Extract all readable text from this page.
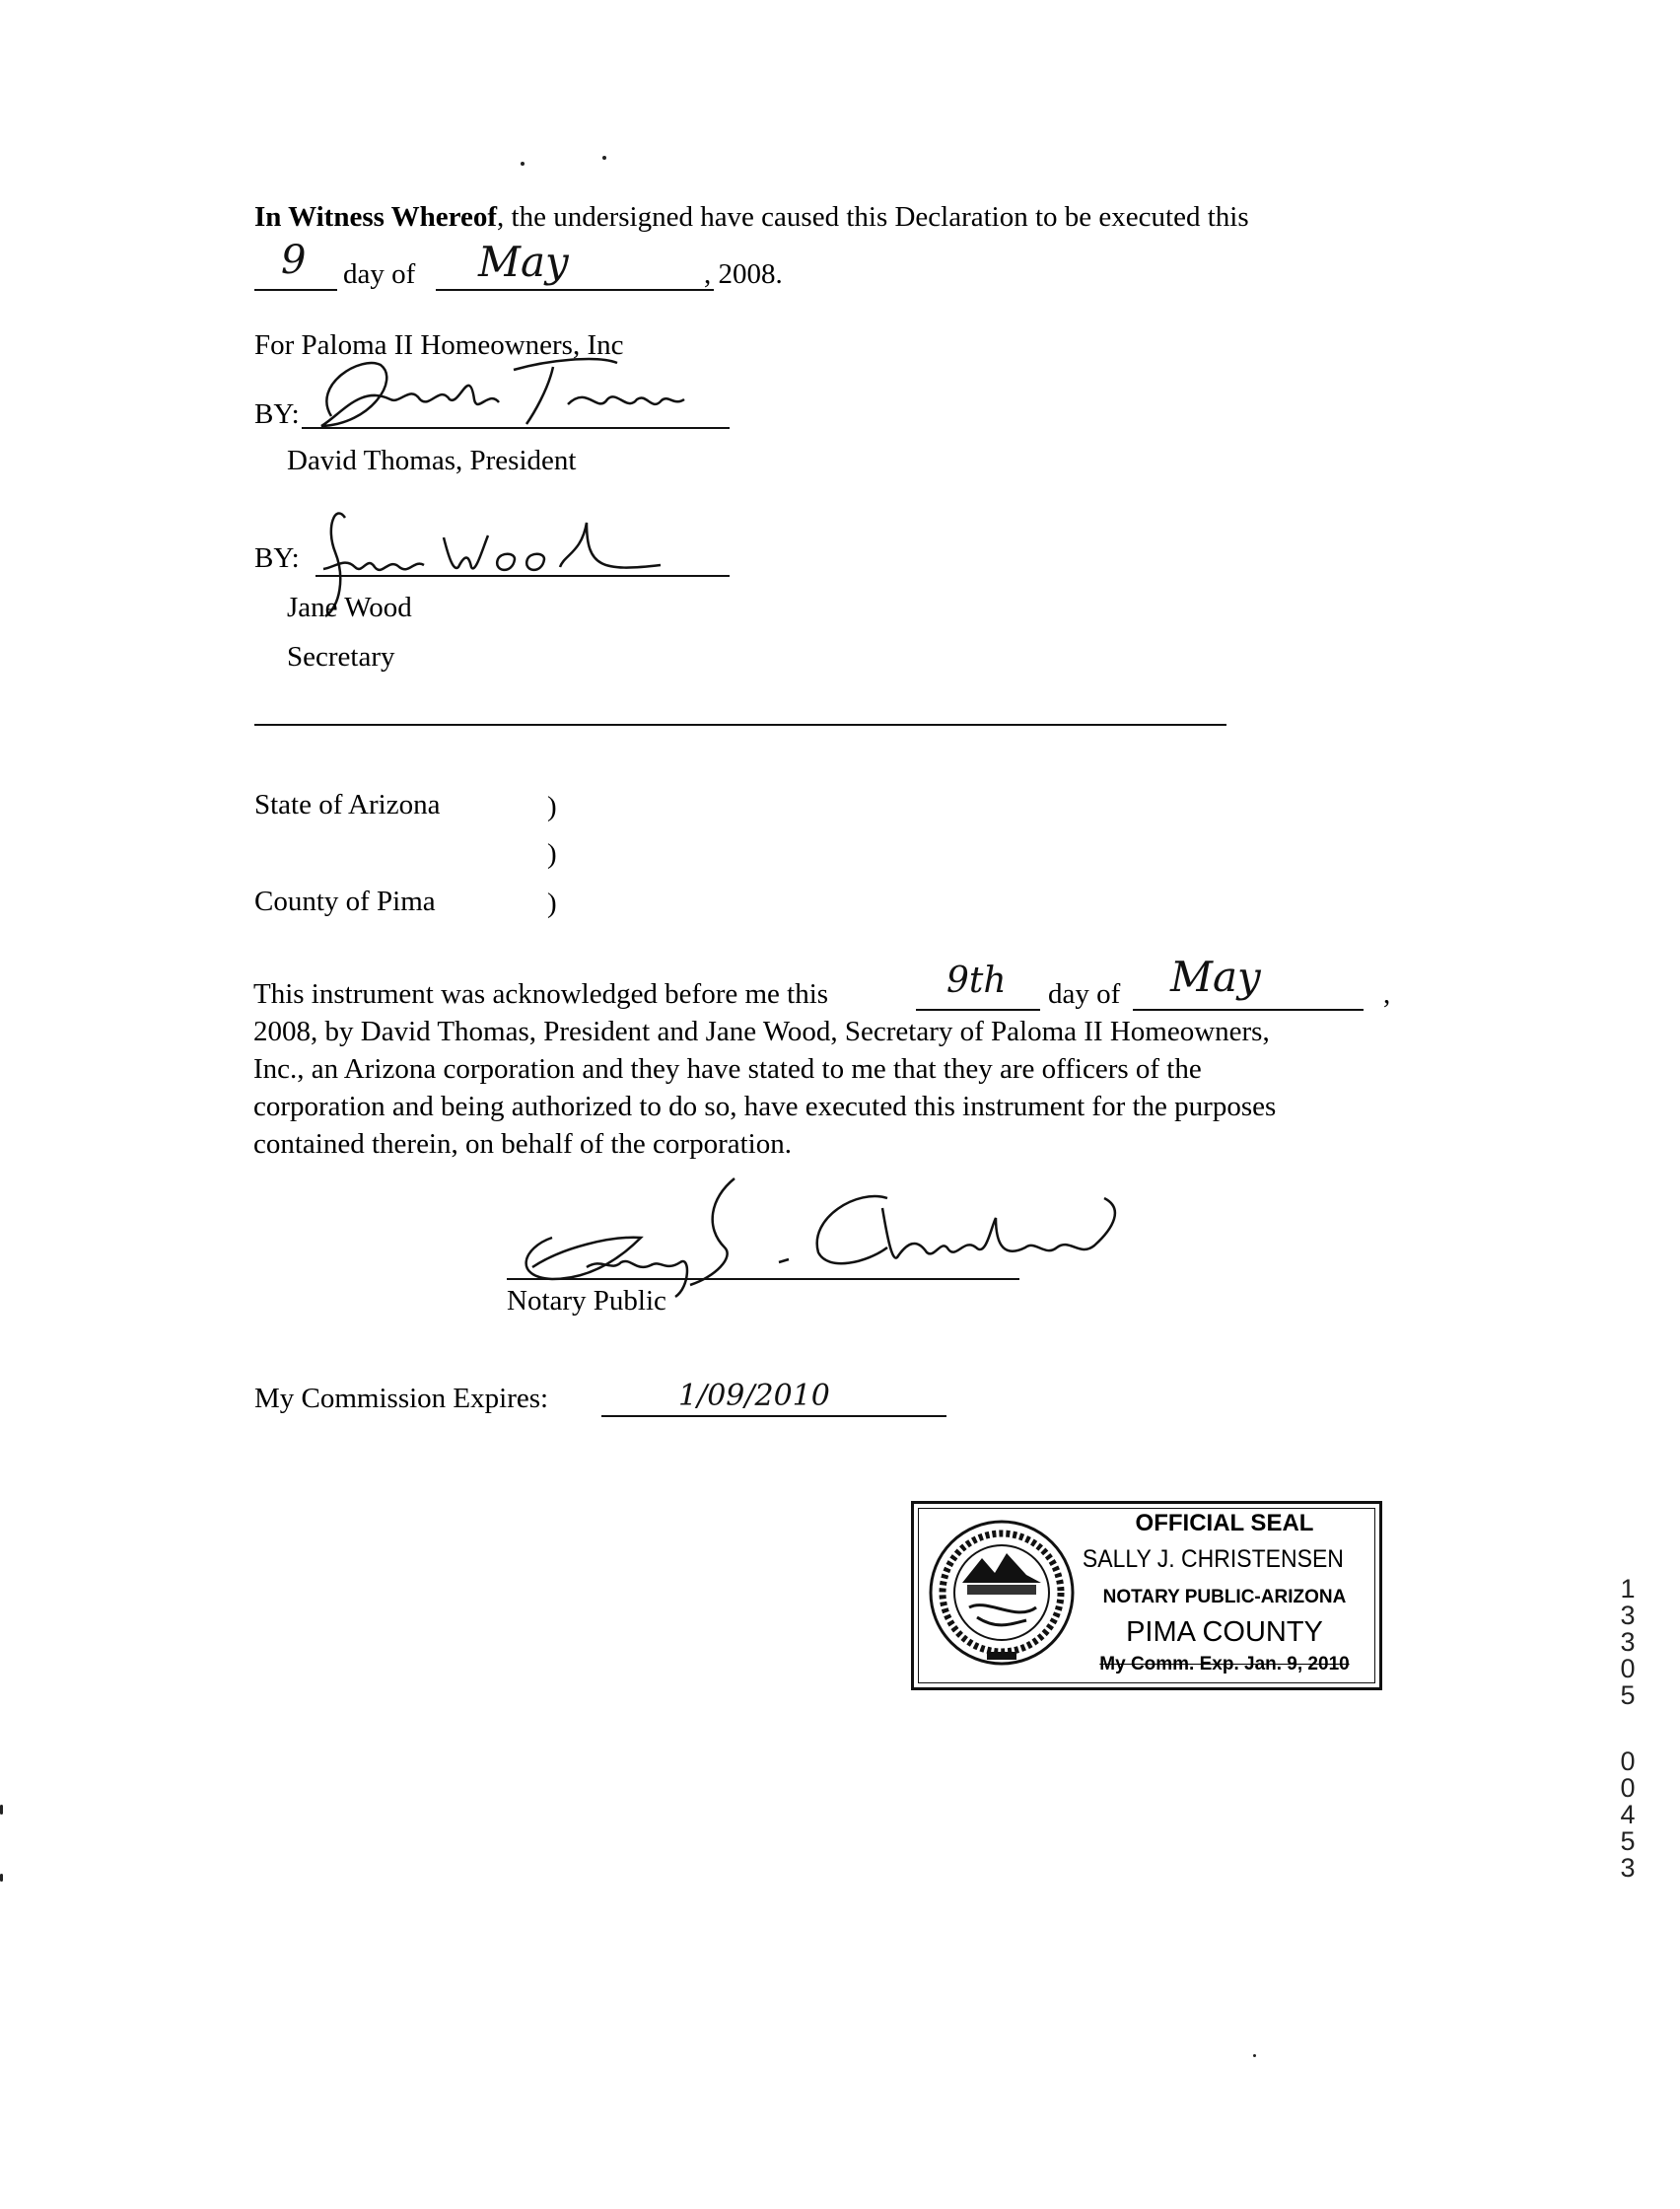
In Witness Whereof, the undersigned have caused this Declaration to be executed this
9 day of May	, 2008.
For Paloma II Homeowners, Inc
BY:
David Thomas, President
BY:
Jane Wood
Secretary
State of Arizona	)
)
County of Pima	)
This instrument was acknowledged before me this	9th day of May	,
2008, by David Thomas, President and Jane Wood, Secretary of Paloma II Homeowners,
Inc., an Arizona corporation and they have stated to me that they are officers of the
corporation and being authorized to do so, have executed this instrument for the purposes
contained therein, on behalf of the corporation.
Notary Public
My Commission Expires:	1/09/2010
OFFICIAL SEAL
SALLY J. CHRISTENSEN
NOTARY PUBLIC-ARIZONA
PIMA COUNTY
My Comm. Exp. Jan. 9, 2010
1
3
3
0
5
0
0
4
5
3
